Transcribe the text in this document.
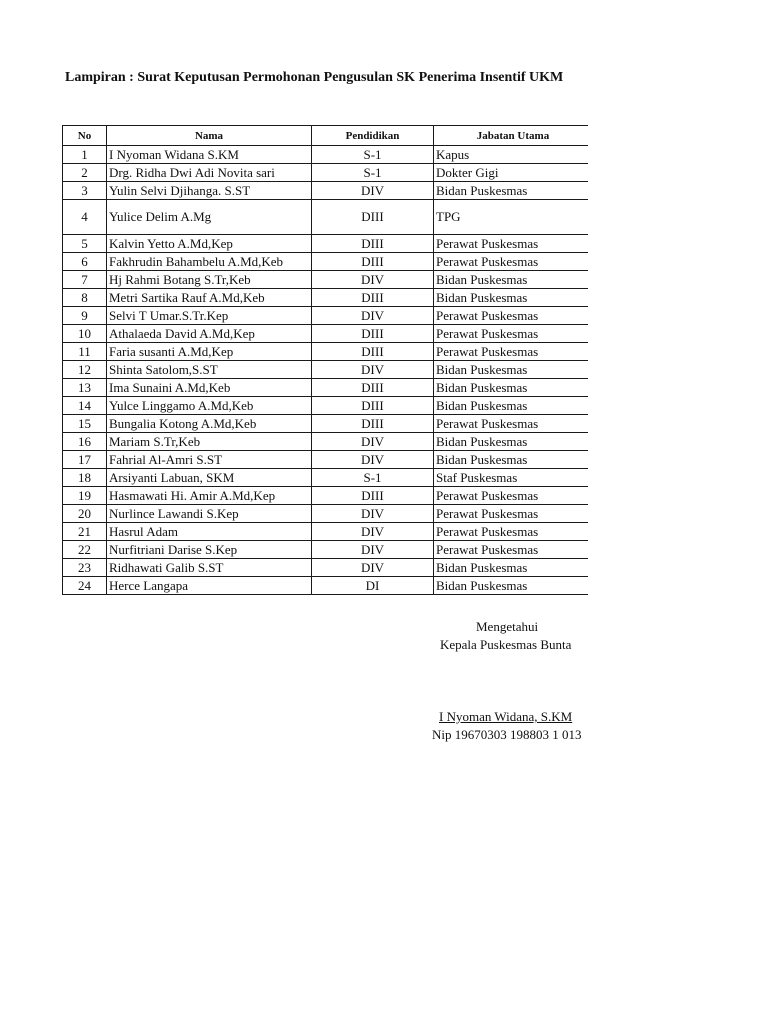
Lampiran : Surat Keputusan Permohonan Pengusulan SK Penerima Insentif UKM
No	Nama	Pendidikan	Jabatan Utama
1	I Nyoman Widana S.KM	S-1	Kapus
2	Drg. Ridha Dwi Adi Novita sari	S-1	Dokter Gigi
3	Yulin Selvi Djihanga. S.ST	DIV	Bidan Puskesmas
4	Yulice Delim A.Mg	DIII	TPG
5	Kalvin Yetto A.Md,Kep	DIII	Perawat Puskesmas
6	Fakhrudin Bahambelu A.Md,Keb	DIII	Perawat Puskesmas
7	Hj Rahmi Botang S.Tr,Keb	DIV	Bidan Puskesmas
8	Metri Sartika Rauf A.Md,Keb	DIII	Bidan Puskesmas
9	Selvi T Umar.S.Tr.Kep	DIV	Perawat Puskesmas
10	Athalaeda David A.Md,Kep	DIII	Perawat Puskesmas
11	Faria susanti A.Md,Kep	DIII	Perawat Puskesmas
12	Shinta Satolom,S.ST	DIV	Bidan Puskesmas
13	Ima Sunaini A.Md,Keb	DIII	Bidan Puskesmas
14	Yulce Linggamo A.Md,Keb	DIII	Bidan Puskesmas
15	Bungalia Kotong A.Md,Keb	DIII	Perawat Puskesmas
16	Mariam S.Tr,Keb	DIV	Bidan Puskesmas
17	Fahrial Al-Amri S.ST	DIV	Bidan Puskesmas
18	Arsiyanti Labuan, SKM	S-1	Staf Puskesmas
19	Hasmawati Hi. Amir A.Md,Kep	DIII	Perawat Puskesmas
20	Nurlince Lawandi S.Kep	DIV	Perawat Puskesmas
21	Hasrul Adam	DIV	Perawat Puskesmas
22	Nurfitriani Darise S.Kep	DIV	Perawat Puskesmas
23	Ridhawati Galib S.ST	DIV	Bidan Puskesmas
24	Herce Langapa	DI	Bidan Puskesmas
Mengetahui
Kepala Puskesmas Bunta
I Nyoman Widana, S.KM
Nip 19670303 198803 1 013
